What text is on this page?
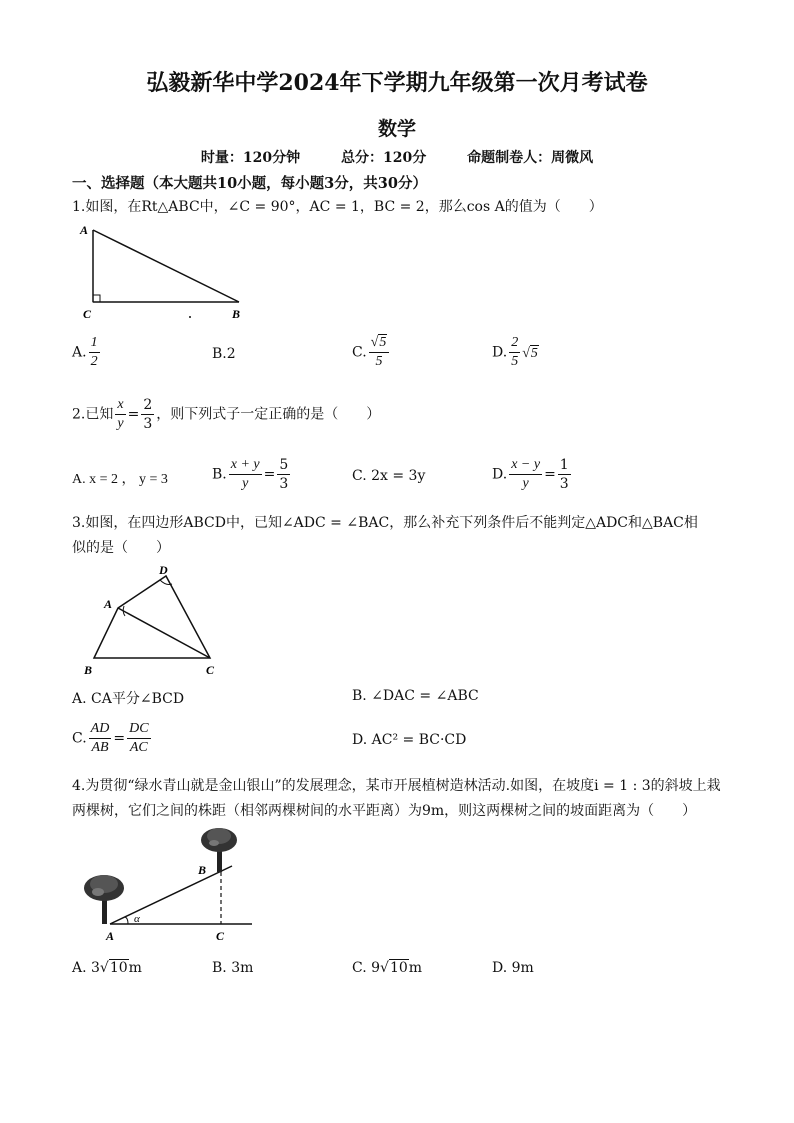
弘毅新华中学2024年下学期九年级第一次月考试卷
数学
时量：120分钟	总分：120分	命题制卷人：周微风
一、选择题（本大题共10小题，每小题3分，共30分）
1.如图，在Rt△ABC中，∠C = 90°，AC = 1，BC = 2，那么cos A的值为（　　）
A
C	B
A. $\frac{1}{2}$	B.2	C. $\frac{√5}{5}$	D. $\frac{2}{5} √5$
2.已知 $\frac{x}{y} = \frac{2}{3}$ ，则下列式子一定正确的是（　　）
A. x = 2 ， y = 3	B. $\frac{x + y}{y} = \frac{5}{3}$	C. 2x = 3y	D. $\frac{x - y}{y} = \frac{1}{3}$
3.如图，在四边形ABCD中，已知∠ADC = ∠BAC，那么补充下列条件后不能判定△ADC和△BAC相
似的是（　　）
D
A
B	C
A. CA平分∠BCD	B. ∠DAC = ∠ABC
C. $\frac{AD}{AB} = \frac{DC}{AC}$	D. AC² = BC·CD
4.为贯彻“绿水青山就是金山银山”的发展理念，某市开展植树造林活动.如图，在坡度i = 1 : 3的斜坡上栽
两棵树，它们之间的株距（相邻两棵树间的水平距离）为9m，则这两棵树之间的坡面距离为（　　）
B
A	C
α
A. 3√10m	B. 3m	C. 9√10m	D. 9m
